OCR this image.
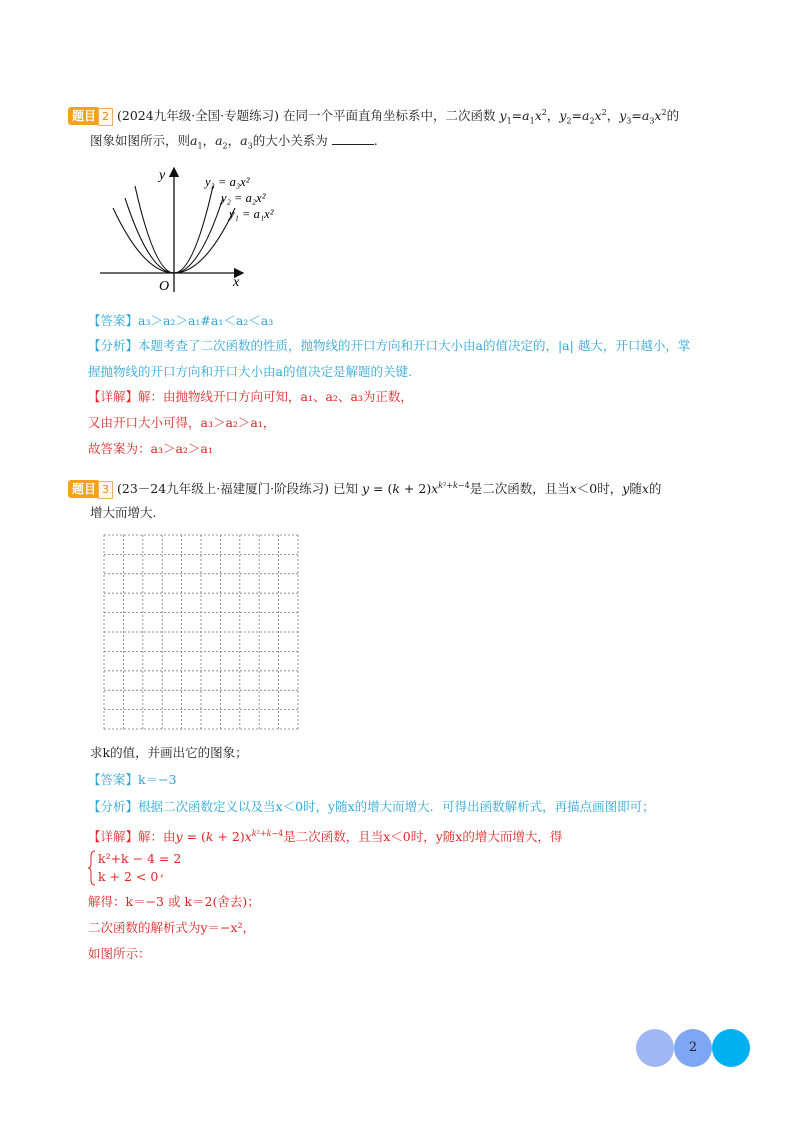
题目 2 (2024九年级·全国·专题练习) 在同一个平面直角坐标系中，二次函数 $y_1=a_1x^2$，$y_2=a_2x^2$，$y_3=a_3x^2$的
图象如图所示，则$a_1$，$a_2$，$a_3$的大小关系为	.
y
x
O
y₃ = a₃x²
y₂ = a₂x²
y₁ = a₁x²
【答案】a₃＞a₂＞a₁#a₁＜a₂＜a₃
【分析】本题考查了二次函数的性质，抛物线的开口方向和开口大小由a的值决定的，|a| 越大，开口越小，掌
握抛物线的开口方向和开口大小由a的值决定是解题的关键.
【详解】解：由抛物线开口方向可知，a₁、a₂、a₃为正数，
又由开口大小可得，a₃＞a₂＞a₁，
故答案为：a₃＞a₂＞a₁
题目 3 (23－24九年级上·福建厦门·阶段练习) 已知 $y = (k + 2)x^{k^2+k-4}$是二次函数，且当x＜0时，y随x的
增大而增大.
求k的值，并画出它的图象；
【答案】k＝−3
【分析】根据二次函数定义以及当x＜0时，y随x的增大而增大．可得出函数解析式，再描点画图即可；
【详解】解：由$y = (k + 2)x^{k^2+k-4}$是二次函数，且当x＜0时，y随x的增大而增大，得
k²+k − 4 = 2
k + 2 < 0 ,
解得：k＝−3 或 k＝2(舍去)；
二次函数的解析式为y＝−x²，
如图所示：
2
